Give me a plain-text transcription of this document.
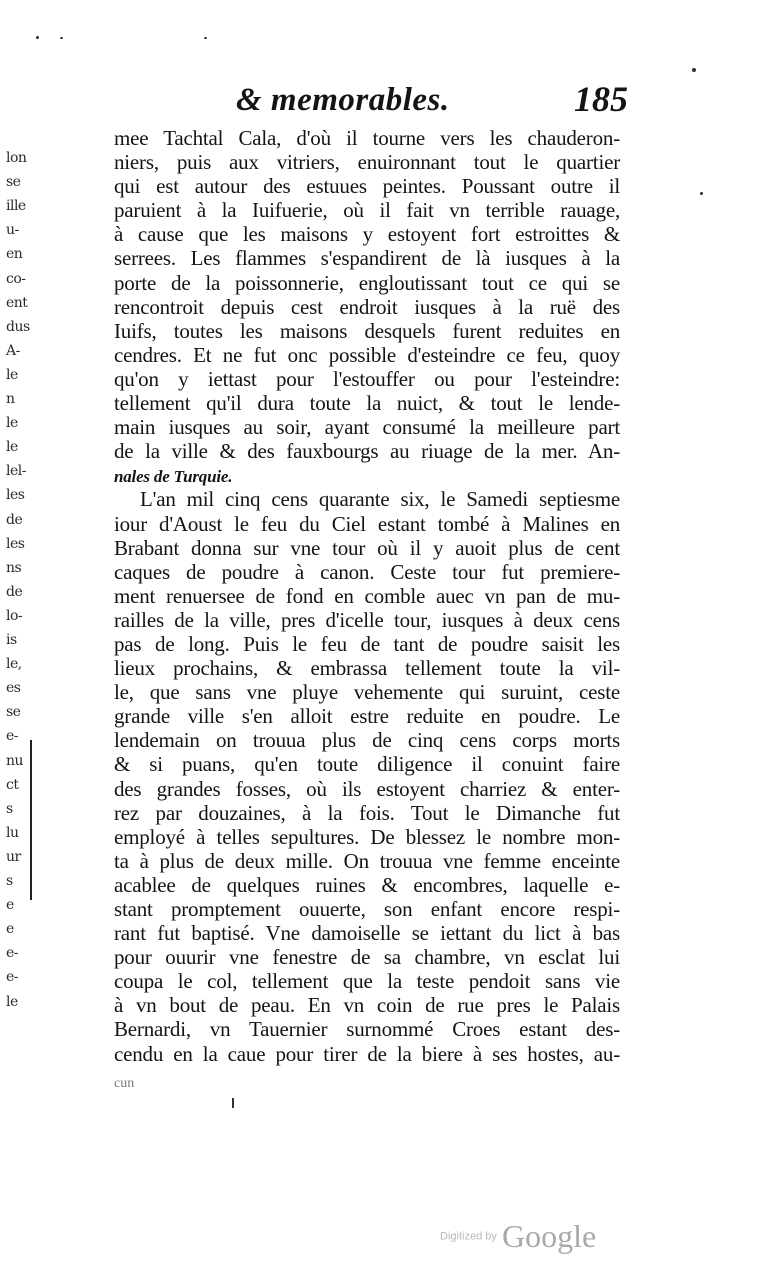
lon
se
ille
u-
en
co-
ent
dus
A-
le
n
le
le
lel-
les
de
les
ns
de
lo-
is
le,
es
se
e-
nu
ct
s
lu
ur
s
e
e
e-
e-
le
& memorables.	185
mee Tachtal Cala, d'où il tourne vers les chauderon-
niers, puis aux vitriers, enuironnant tout le quartier
qui est autour des estuues peintes. Poussant outre il
paruient à la Iuifuerie, où il fait vn terrible rauage,
à cause que les maisons y estoyent fort estroittes &
serrees. Les flammes s'espandirent de là iusques à la
porte de la poissonnerie, engloutissant tout ce qui se
rencontroit depuis cest endroit iusques à la ruë des
Iuifs, toutes les maisons desquels furent reduites en
cendres. Et ne fut onc possible d'esteindre ce feu, quoy
qu'on y iettast pour l'estouffer ou pour l'esteindre:
tellement qu'il dura toute la nuict, & tout le lende-
main iusques au soir, ayant consumé la meilleure part
de la ville & des fauxbourgs au riuage de la mer. An-
nales de Turquie.
L'an mil cinq cens quarante six, le Samedi septiesme
iour d'Aoust le feu du Ciel estant tombé à Malines en
Brabant donna sur vne tour où il y auoit plus de cent
caques de poudre à canon. Ceste tour fut premiere-
ment renuersee de fond en comble auec vn pan de mu-
railles de la ville, pres d'icelle tour, iusques à deux cens
pas de long. Puis le feu de tant de poudre saisit les
lieux prochains, & embrassa tellement toute la vil-
le, que sans vne pluye vehemente qui suruint, ceste
grande ville s'en alloit estre reduite en poudre. Le
lendemain on trouua plus de cinq cens corps morts
& si puans, qu'en toute diligence il conuint faire
des grandes fosses, où ils estoyent charriez & enter-
rez par douzaines, à la fois. Tout le Dimanche fut
employé à telles sepultures. De blessez le nombre mon-
ta à plus de deux mille. On trouua vne femme enceinte
acablee de quelques ruines & encombres, laquelle e-
stant promptement ouuerte, son enfant encore respi-
rant fut baptisé. Vne damoiselle se iettant du lict à bas
pour ouurir vne fenestre de sa chambre, vn esclat lui
coupa le col, tellement que la teste pendoit sans vie
à vn bout de peau. En vn coin de rue pres le Palais
Bernardi, vn Tauernier surnommé Croes estant des-
cendu en la caue pour tirer de la biere à ses hostes, au-
cun
Digitized by Google
